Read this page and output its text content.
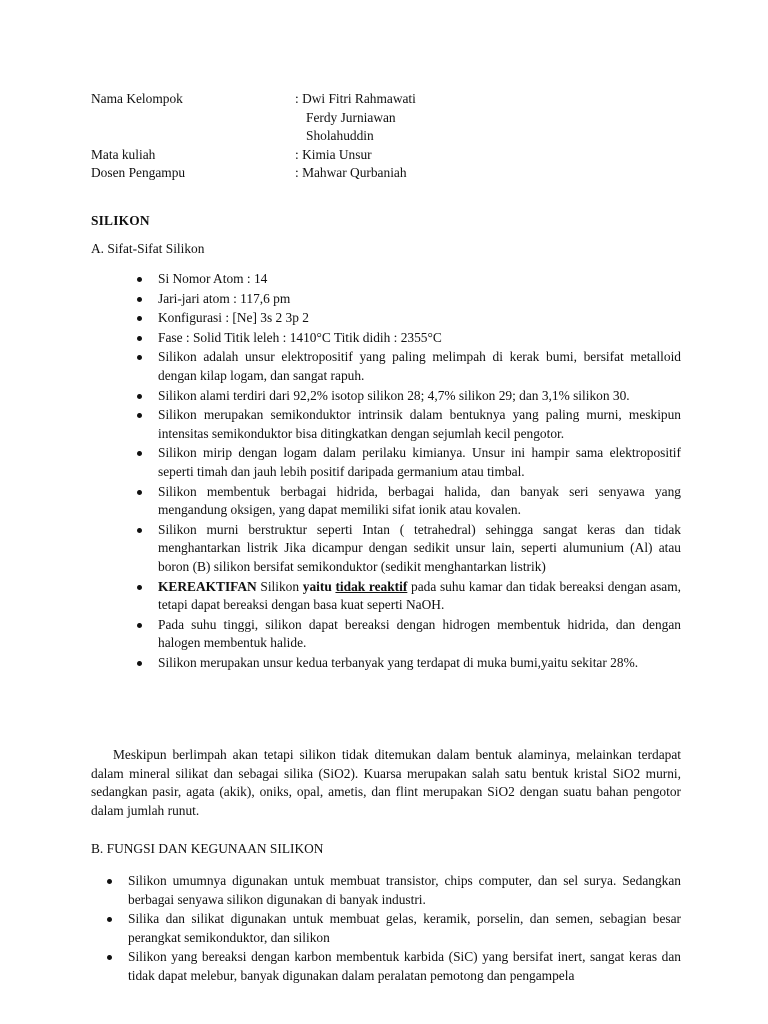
Nama Kelompok	: Dwi Fitri Rahmawati
Ferdy Jurniawan
Sholahuddin
Mata kuliah	: Kimia Unsur
Dosen Pengampu	: Mahwar Qurbaniah
SILIKON
A. Sifat-Sifat Silikon
Si Nomor Atom : 14
Jari-jari atom : 117,6 pm
Konfigurasi : [Ne] 3s 2 3p 2
Fase : Solid Titik leleh : 1410°C Titik didih : 2355°C
Silikon adalah unsur elektropositif yang paling melimpah di kerak bumi, bersifat metalloid dengan kilap logam, dan sangat rapuh.
Silikon alami terdiri dari 92,2% isotop silikon 28; 4,7% silikon 29; dan 3,1% silikon 30.
Silikon merupakan semikonduktor intrinsik dalam bentuknya yang paling murni, meskipun intensitas semikonduktor bisa ditingkatkan dengan sejumlah kecil pengotor.
Silikon mirip dengan logam dalam perilaku kimianya. Unsur ini hampir sama elektropositif seperti timah dan jauh lebih positif daripada germanium atau timbal.
Silikon membentuk berbagai hidrida, berbagai halida, dan banyak seri senyawa yang mengandung oksigen, yang dapat memiliki sifat ionik atau kovalen.
Silikon murni berstruktur seperti Intan ( tetrahedral) sehingga sangat keras dan tidak menghantarkan listrik Jika dicampur dengan sedikit unsur lain, seperti alumunium (Al) atau boron (B) silikon bersifat semikonduktor (sedikit menghantarkan listrik)
KEREAKTIFAN Silikon yaitu tidak reaktif pada suhu kamar dan tidak bereaksi dengan asam, tetapi dapat bereaksi dengan basa kuat seperti NaOH.
Pada suhu tinggi, silikon dapat bereaksi dengan hidrogen membentuk hidrida, dan dengan halogen membentuk halide.
Silikon merupakan unsur kedua terbanyak yang terdapat di muka bumi,yaitu sekitar 28%.

Meskipun berlimpah akan tetapi silikon tidak ditemukan dalam bentuk alaminya, melainkan terdapat dalam mineral silikat dan sebagai silika (SiO2). Kuarsa merupakan salah satu bentuk kristal SiO2 murni, sedangkan pasir, agata (akik), oniks, opal, ametis, dan flint merupakan SiO2 dengan suatu bahan pengotor dalam jumlah runut.

B. FUNGSI DAN KEGUNAAN SILIKON
Silikon umumnya digunakan untuk membuat transistor, chips computer, dan sel surya. Sedangkan berbagai senyawa silikon digunakan di banyak industri.
Silika dan silikat digunakan untuk membuat gelas, keramik, porselin, dan semen, sebagian besar perangkat semikonduktor, dan silikon
Silikon yang bereaksi dengan karbon membentuk karbida (SiC) yang bersifat inert, sangat keras dan tidak dapat melebur, banyak digunakan dalam peralatan pemotong dan pengampela
